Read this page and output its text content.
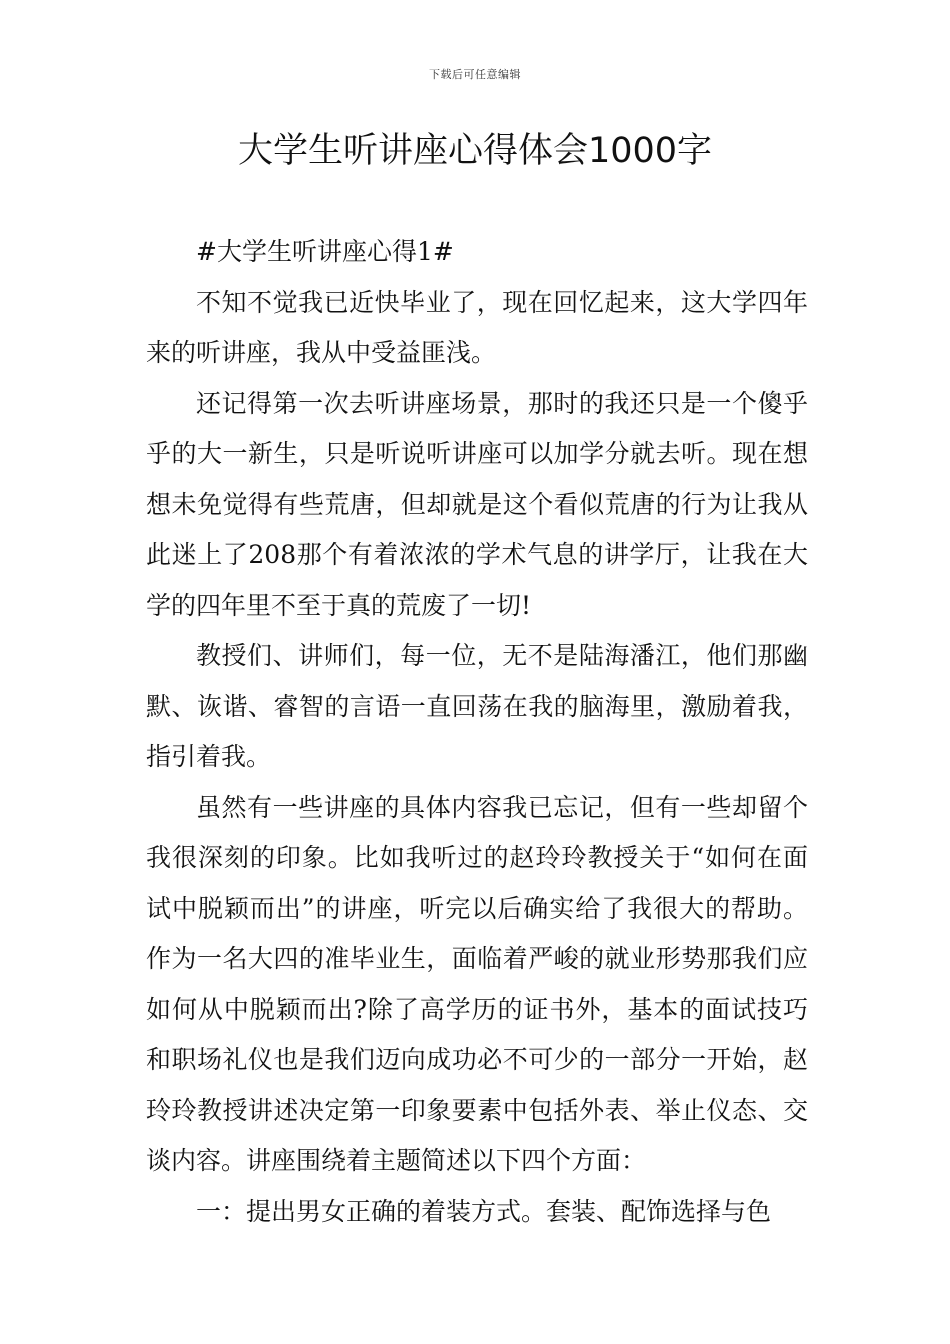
下载后可任意编辑
大学生听讲座心得体会1000字

#大学生听讲座心得1#

不知不觉我已近快毕业了，现在回忆起来，这大学四年来的听讲座，我从中受益匪浅。

还记得第一次去听讲座场景，那时的我还只是一个傻乎乎的大一新生，只是听说听讲座可以加学分就去听。现在想想未免觉得有些荒唐，但却就是这个看似荒唐的行为让我从此迷上了208那个有着浓浓的学术气息的讲学厅，让我在大学的四年里不至于真的荒废了一切!

教授们、讲师们，每一位，无不是陆海潘江，他们那幽默、诙谐、睿智的言语一直回荡在我的脑海里，激励着我，指引着我。

虽然有一些讲座的具体内容我已忘记，但有一些却留个我很深刻的印象。比如我听过的赵玲玲教授关于“如何在面试中脱颖而出”的讲座，听完以后确实给了我很大的帮助。作为一名大四的准毕业生，面临着严峻的就业形势那我们应如何从中脱颖而出?除了高学历的证书外，基本的面试技巧和职场礼仪也是我们迈向成功必不可少的一部分一开始，赵玲玲教授讲述决定第一印象要素中包括外表、举止仪态、交谈内容。讲座围绕着主题简述以下四个方面：

一：提出男女正确的着装方式。套装、配饰选择与色
